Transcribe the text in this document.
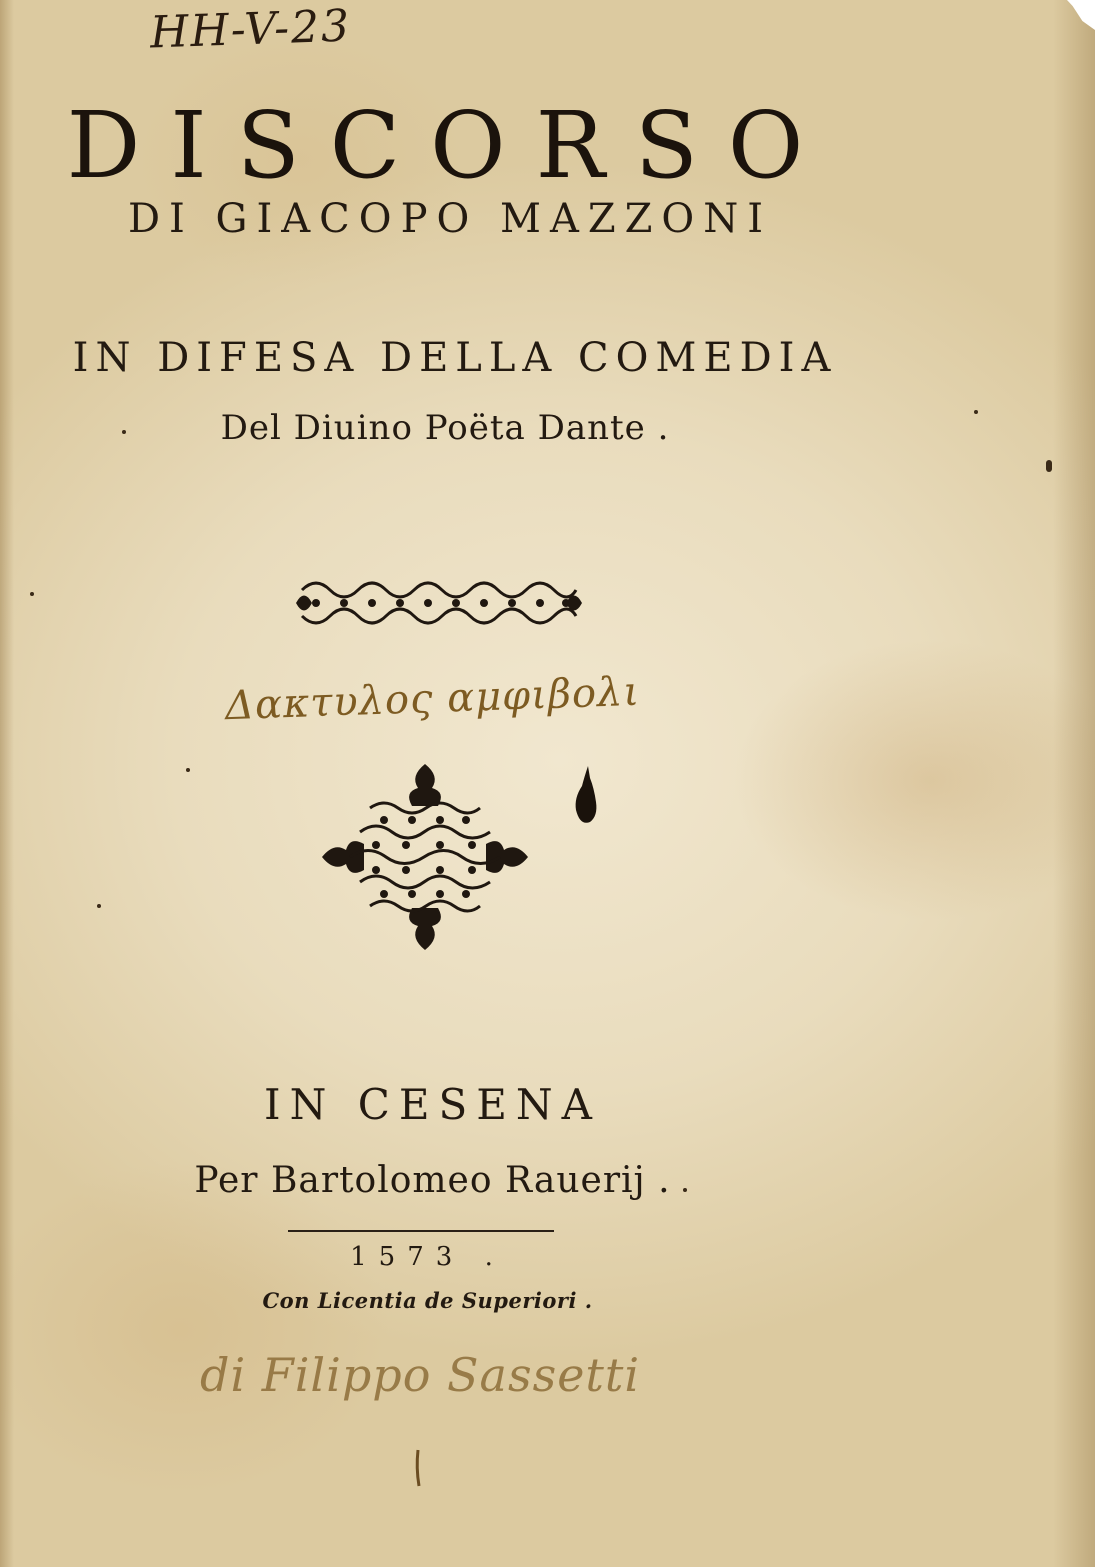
HH-V-23
DISCORSO
DI GIACOPO MAZZONI
IN DIFESA DELLA COMEDIA
Del Diuino Poëta Dante .
Δακτυλος αμφιβολι
IN CESENA
Per Bartolomeo Rauerij .
1573 .
Con Licentia de Superiori .
di Filippo Sassetti
